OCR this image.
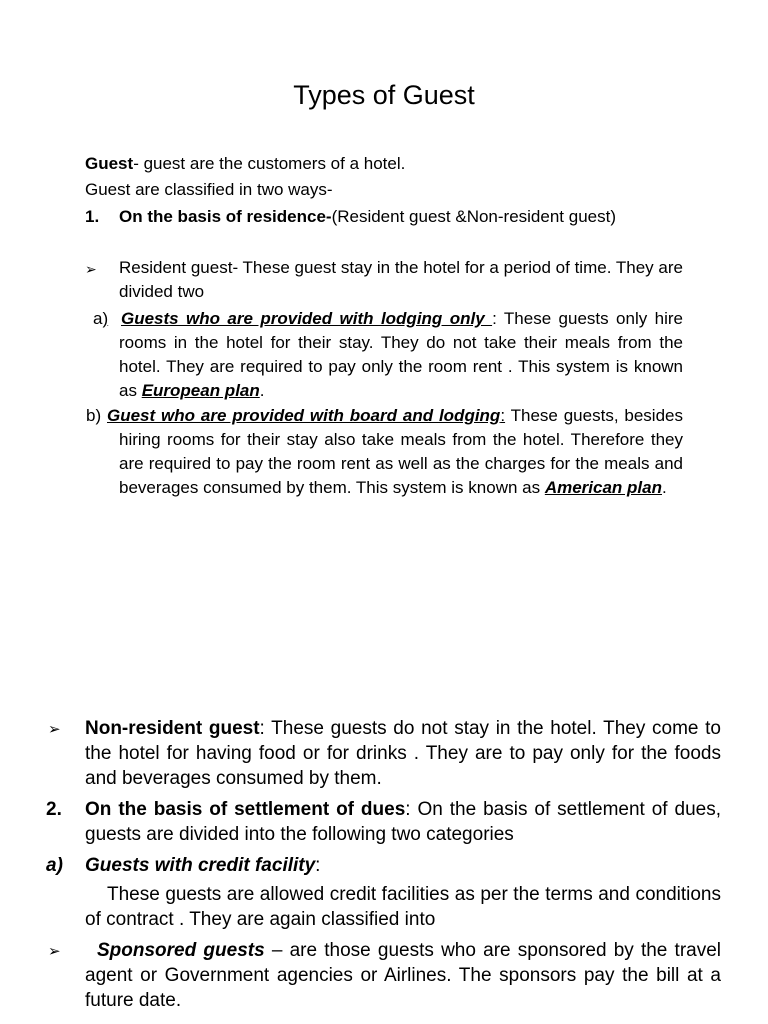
Types of Guest
Guest- guest are the customers of a hotel.
Guest are classified in two ways-
1. On the basis of residence-(Resident guest &Non-resident guest)
➢ Resident guest- These guest stay in the hotel for a period of time. They are divided two
a) Guests who are provided with lodging only : These guests only hire rooms in the hotel for their stay. They do not take their meals from the hotel. They are required to pay only the room rent . This system is known as European plan.
b) Guest who are provided with board and lodging: These guests, besides hiring rooms for their stay also take meals from the hotel. Therefore they are required to pay the room rent as well as the charges for the meals and beverages consumed by them. This system is known as American plan.
➢ Non-resident guest: These guests do not stay in the hotel. They come to the hotel for having food or for drinks . They are to pay only for the foods and beverages consumed by them.
2. On the basis of settlement of dues: On the basis of settlement of dues, guests are divided into the following two categories
a) Guests with credit facility:
These guests are allowed credit facilities as per the terms and conditions of contract . They are again classified into
➢	Sponsored guests – are those guests who are sponsored by the travel agent or Government agencies or Airlines. The sponsors pay the bill at a future date.
